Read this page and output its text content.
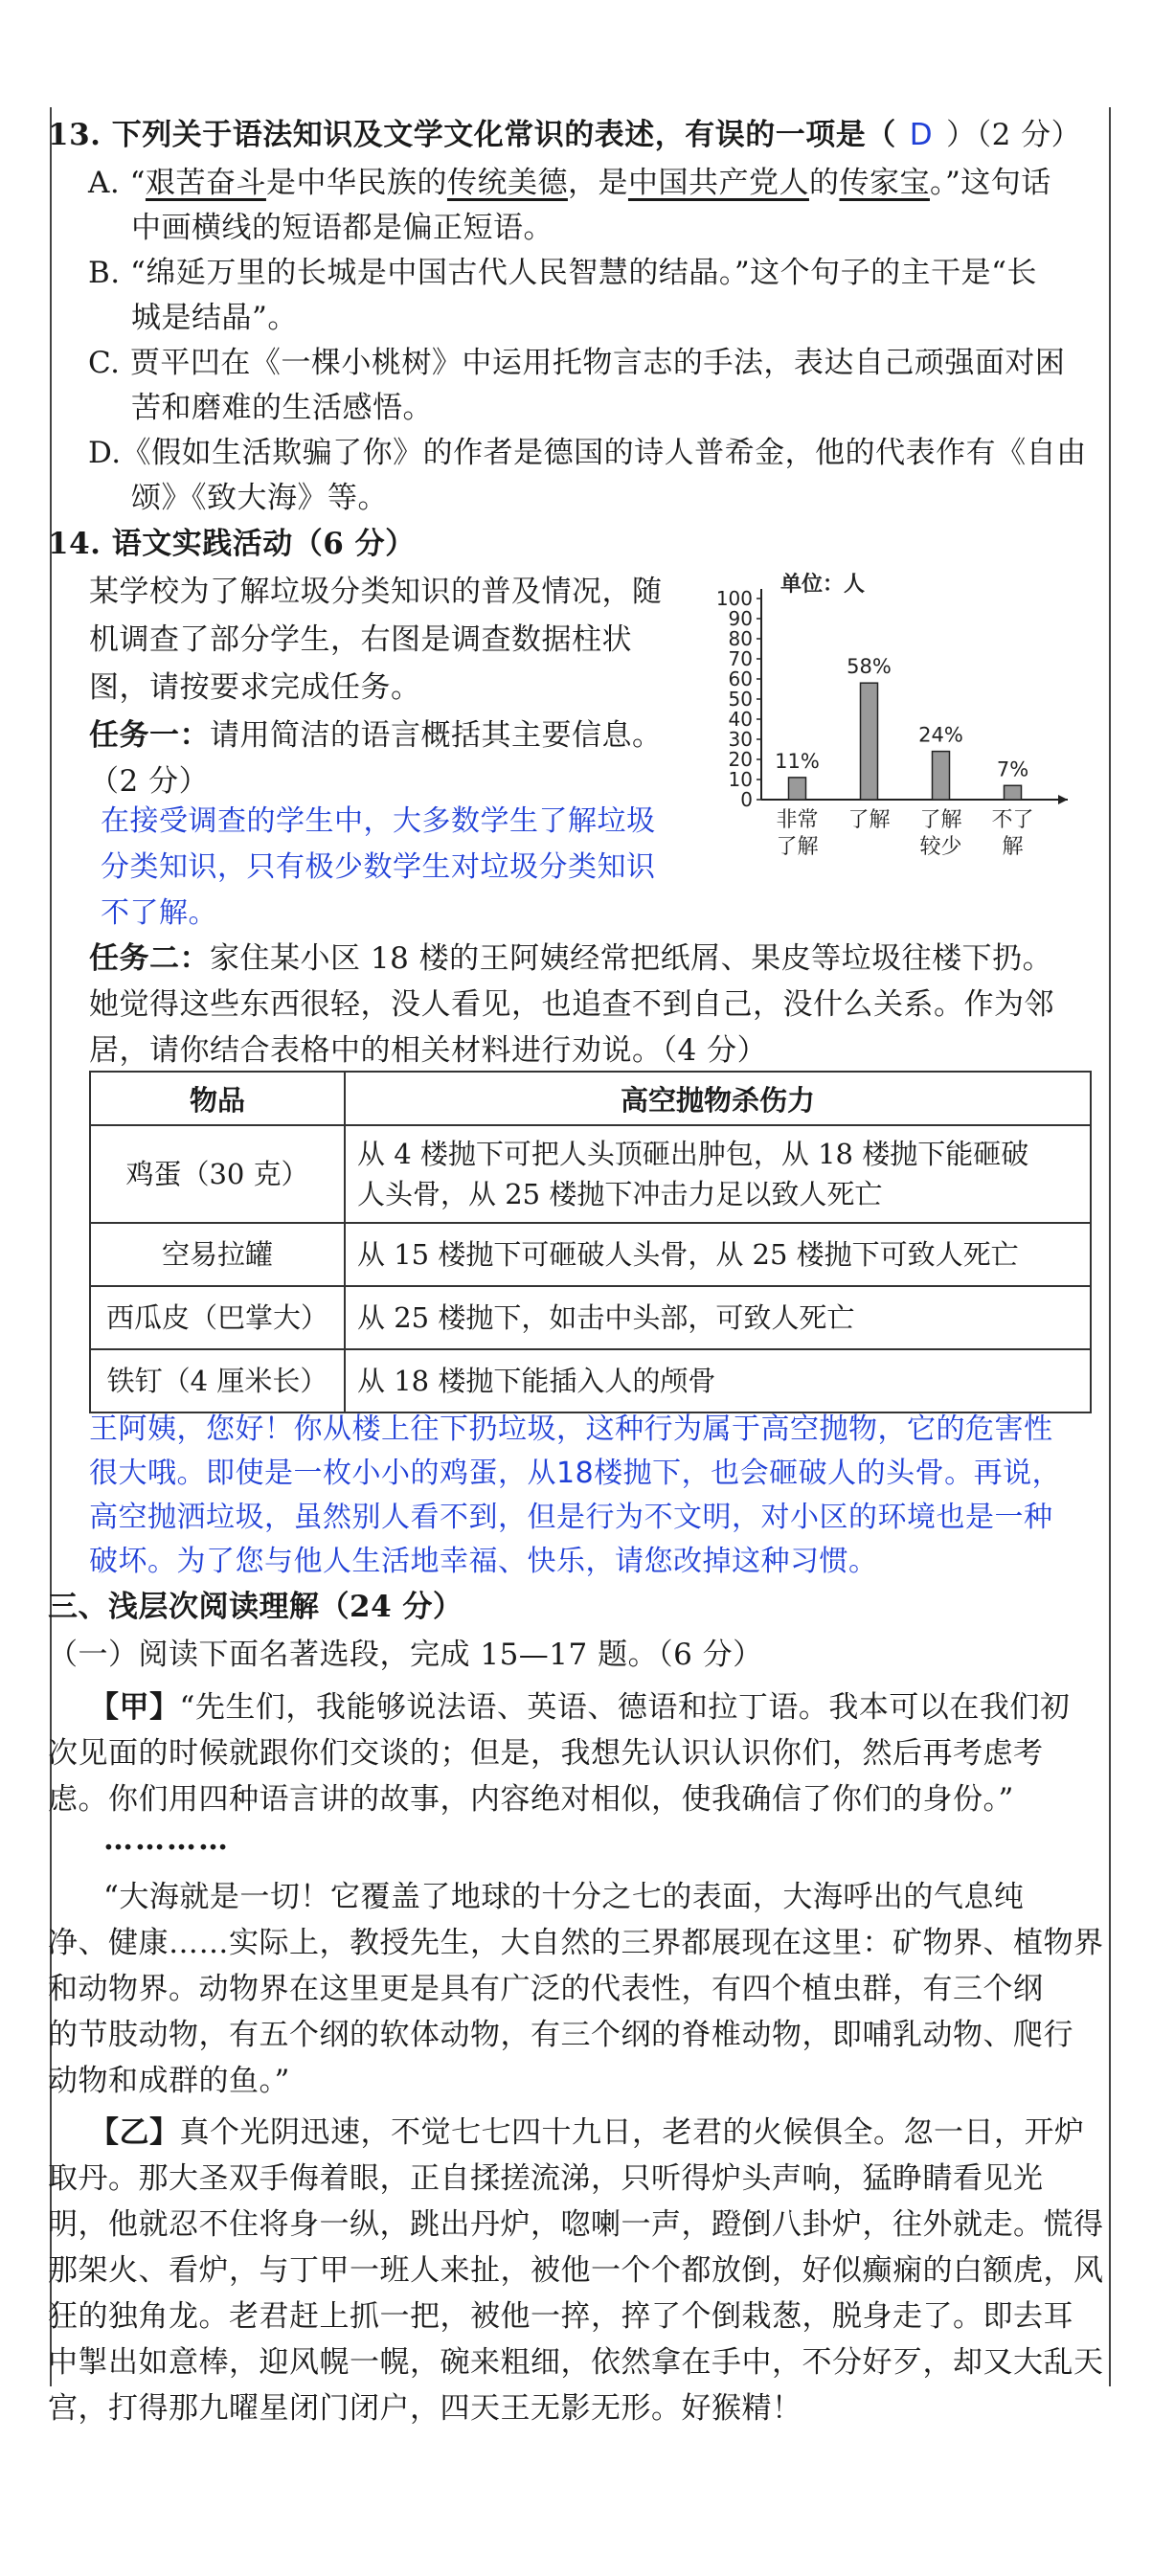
13. 下列关于语法知识及文学文化常识的表述，有误的一项是（ D ）（2 分）
A. “艰苦奋斗是中华民族的传统美德，是中国共产党人的传家宝。”这句话
中画横线的短语都是偏正短语。
B. “绵延万里的长城是中国古代人民智慧的结晶。”这个句子的主干是“长
城是结晶”。
C. 贾平凹在《一棵小桃树》中运用托物言志的手法，表达自己顽强面对困
苦和磨难的生活感悟。
D.《假如生活欺骗了你》的作者是德国的诗人普希金，他的代表作有《自由
颂》《致大海》等。
14. 语文实践活动（6 分）
某学校为了解垃圾分类知识的普及情况，随
机调查了部分学生，右图是调查数据柱状
图，请按要求完成任务。
任务一：请用简洁的语言概括其主要信息。
（2 分）
在接受调查的学生中，大多数学生了解垃圾
分类知识，只有极少数学生对垃圾分类知识
不了解。
0
10
20
30
40
50
60
70
80
90
100
单位：人
11%
非常
了解
58%
了解
24%
了解
较少
7%
不了
解
任务二：家住某小区 18 楼的王阿姨经常把纸屑、果皮等垃圾往楼下扔。
她觉得这些东西很轻，没人看见，也追查不到自己，没什么关系。作为邻
居，请你结合表格中的相关材料进行劝说。（4 分）
物品	高空抛物杀伤力
鸡蛋（30 克）	从 4 楼抛下可把人头顶砸出肿包，从 18 楼抛下能砸破
人头骨，从 25 楼抛下冲击力足以致人死亡

空易拉罐	从 15 楼抛下可砸破人头骨，从 25 楼抛下可致人死亡
西瓜皮（巴掌大）	从 25 楼抛下，如击中头部，可致人死亡
铁钉（4 厘米长）	从 18 楼抛下能插入人的颅骨
王阿姨，您好！你从楼上往下扔垃圾，这种行为属于高空抛物，它的危害性
很大哦。即使是一枚小小的鸡蛋，从18楼抛下，也会砸破人的头骨。再说，
高空抛洒垃圾，虽然别人看不到，但是行为不文明，对小区的环境也是一种
破坏。为了您与他人生活地幸福、快乐，请您改掉这种习惯。
三、浅层次阅读理解（24 分）
（一）阅读下面名著选段，完成 15—17 题。（6 分）
【甲】“先生们，我能够说法语、英语、德语和拉丁语。我本可以在我们初
次见面的时候就跟你们交谈的；但是，我想先认识认识你们，然后再考虑考
虑。你们用四种语言讲的故事，内容绝对相似，使我确信了你们的身份。”
…………
“大海就是一切！它覆盖了地球的十分之七的表面，大海呼出的气息纯
净、健康……实际上，教授先生，大自然的三界都展现在这里：矿物界、植物界
和动物界。动物界在这里更是具有广泛的代表性，有四个植虫群，有三个纲
的节肢动物，有五个纲的软体动物，有三个纲的脊椎动物，即哺乳动物、爬行
动物和成群的鱼。”
【乙】真个光阴迅速，不觉七七四十九日，老君的火候俱全。忽一日，开炉
取丹。那大圣双手侮着眼，正自揉搓流涕，只听得炉头声响，猛睁睛看见光
明，他就忍不住将身一纵，跳出丹炉，唿喇一声，蹬倒八卦炉，往外就走。慌得
那架火、看炉，与丁甲一班人来扯，被他一个个都放倒，好似癫痫的白额虎，风
狂的独角龙。老君赶上抓一把，被他一捽，捽了个倒栽葱，脱身走了。即去耳
中掣出如意棒，迎风幌一幌，碗来粗细，依然拿在手中，不分好歹，却又大乱天
宫，打得那九曜星闭门闭户，四天王无影无形。好猴精！
